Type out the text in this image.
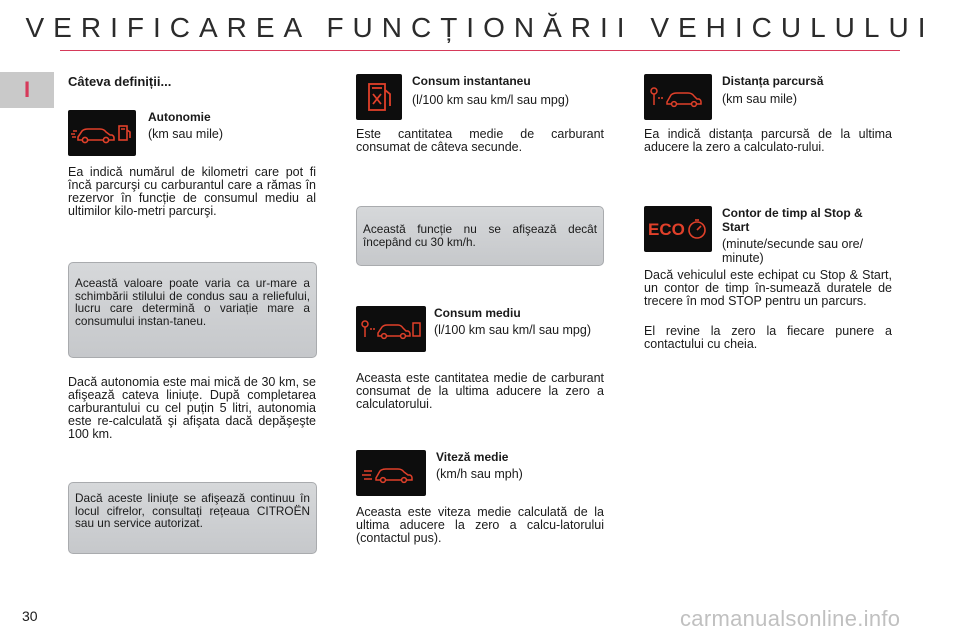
VERIFICAREA FUNCȚIONĂRII VEHICULULUI
I	Câteva definiții...
Autonomie
(km sau mile)
Ea indică numărul de kilometri care pot fi încă parcurşi cu carburantul care a rămas în rezervor în funcție de consumul mediu al ultimilor kilo-metri parcurşi.
Această valoare poate varia ca ur-mare a schimbării stilului de condus sau a reliefului, lucru care determină o variație mare a consumului instan-taneu.
Dacă autonomia este mai mică de 30 km, se afişează cateva liniuțe. După completarea carburantului cu cel puțin 5 litri, autonomia este re-calculată şi afişata dacă depăşeşte 100 km.
Dacă aceste liniuțe se afişează continuu în locul cifrelor, consultați rețeaua CITROËN sau un service autorizat.
Consum instantaneu
(l/100 km sau km/l sau mpg)
Este cantitatea medie de carburant consumat de câteva secunde.
Această funcție nu se afişează decât începând cu 30 km/h.
Consum mediu
(l/100 km sau km/l sau mpg)
Aceasta este cantitatea medie de carburant consumat de la ultima aducere la zero a calculatorului.
Viteză medie
(km/h sau mph)
Aceasta este viteza medie calculată de la ultima aducere la zero a calcu-latorului (contactul pus).
Distanța parcursă
(km sau mile)
Ea indică distanța parcursă de la ultima aducere la zero a calculato-rului.
ECO
Contor de timp al Stop & Start
(minute/secunde sau ore/ minute)
Dacă vehiculul este echipat cu Stop & Start, un contor de timp în-sumează duratele de trecere în mod STOP pentru un parcurs.
El revine la zero la fiecare punere a contactului cu cheia.
30	carmanualsonline.info
